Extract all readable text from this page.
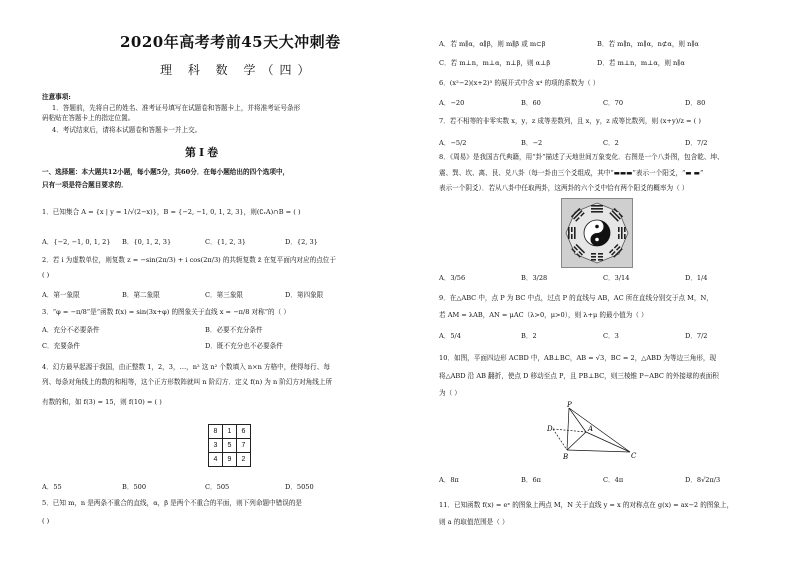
2020年高考考前45天大冲刺卷
理 科 数 学（四）
注意事项:
1．答题前，先将自己的姓名、准考证号填写在试题卷和答题卡上，并将准考证号条形
码粘贴在答题卡上的指定位置。
4．考试结束后，请将本试题卷和答题卡一并上交。
第Ⅰ卷
一、选择题：本大题共12小题，每小题5分，共60分．在每小题给出的四个选项中，
只有一项是符合题目要求的．
1．已知集合 A = {x | y = 1/√(2−x)}，B = {−2, −1, 0, 1, 2, 3}，则(∁ᵣA)∩B = ( )
A．{−2, −1, 0, 1, 2} B．{0, 1, 2, 3}	C．{1, 2, 3}	D．{2, 3}
2．若 i 为虚数单位，则复数 z = −sin(2π/3) + i cos(2π/3) 的共轭复数 z̄ 在复平面内对应的点位于
( )
A．第一象限	B．第二象限	C．第三象限	D．第四象限
3．“φ = −π/8”是“函数 f(x) = sin(3x+φ) 的图象关于直线 x = −π/8 对称”的（ ）
A．充分不必要条件	B．必要不充分条件
C．充要条件	D．既不充分也不必要条件
4．幻方最早起源于我国，由正整数 1，2，3，…，n² 这 n² 个数填入 n×n 方格中，使得每行、每
列、每条对角线上的数的和相等，这个正方形数阵就叫 n 阶幻方．定义 f(n) 为 n 阶幻方对角线上所
有数的和，如 f(3) = 15，则 f(10) = ( )
8	1	6
3	5	7
4	9	2
A．55	B．500	C．505	D．5050
5．已知 m，n 是两条不重合的直线，α，β 是两个不重合的平面，则下列命题中错误的是
( )
A．若 m∥α，α∥β，则 m∥β 或 m⊂β	B．若 m∥n，m∥α，n⊄α，则 n∥α
C．若 m⊥n，m⊥α，n⊥β，则 α⊥β	D．若 m⊥n，m⊥α，则 n∥α
6．(x²−2)(x+2)⁵ 的展开式中含 x⁴ 的项的系数为（ ）
A．−20	B．60	C．70	D．80
7．若不相等的非零实数 x，y，z 成等差数列，且 x，y，z 成等比数列，则 (x+y)/z = ( )
A．−5/2	B．−2	C．2	D．7/2
8．《周易》是我国古代典籍，用“卦”描述了天地世间万象变化．右图是一个八卦图，包含乾、坤、
震、巽、坎、离、艮、兑八卦（每一卦由三个爻组成，其中“▬▬▬”表示一个阳爻，“▬ ▬”
表示一个阴爻）．若从八卦中任取两卦，这两卦的六个爻中恰有两个阳爻的概率为（ ）
A．3/56	B．3/28	C．3/14	D．1/4
9．在△ABC 中，点 P 为 BC 中点，过点 P 的直线与 AB，AC 所在直线分别交于点 M，N，
若 AM = λAB，AN = μAC（λ>0，μ>0），则 λ+μ 的最小值为（ ）
A．5/4	B．2	C．3	D．7/2
10．如图，平面四边形 ACBD 中，AB⊥BC，AB = √3，BC = 2，△ABD 为等边三角形，现
将△ABD 沿 AB 翻折，使点 D 移动至点 P，且 PB⊥BC，则三棱锥 P−ABC 的外接球的表面积
为（ ）
P
D	A
B	C
A．8π	B．6π	C．4π	D．8√2π/3
11．已知函数 f(x) = eˣ 的图象上两点 M，N 关于直线 y = x 的对称点在 g(x) = ax−2 的图象上，
则 a 的取值范围是（ ）
